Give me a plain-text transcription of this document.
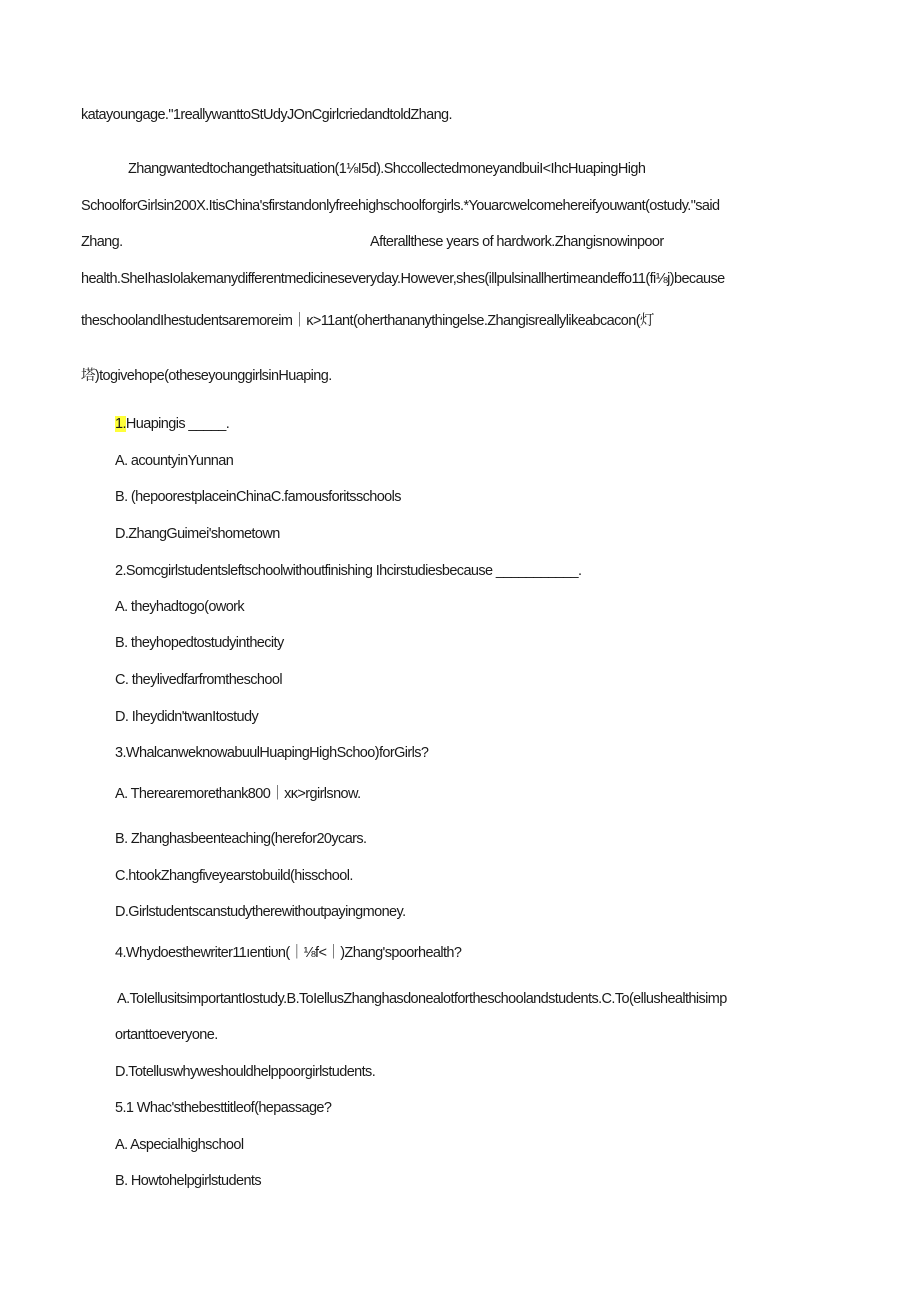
katayoungage."1reallywanttoStUdyJOnCgirlcriedandtoldZhang.
Zhangwantedtochangethatsituation(1⅛I5d).ShccollectedmoneyandbuiI<IhcHuapingHigh
SchoolforGirlsin200X.ItisChina'sfirstandonlyfreehighschoolforgirls.*Youarcwelcomehereifyouwant(ostudy."said
Zhang.	Afterallthese years of hardwork.Zhangisnowinpoor
health.SheIhasIolakemanydifferentmedicineseveryday.However,shes(illpulsinallhertimeandeffo11(fi⅛j)because
theschoolandIhestudentsaremoreim｜κ>11ant(oherthananythingelse.Zhangisreallylikeabcacon(灯
塔)togivehope(otheseyounggirlsinHuaping.
1.Huapingis _____.
A. acountyinYunnan
B. (hepoorestplaceinChinaC.famousforitsschools
D.ZhangGuimei'shometown
2.Somcgirlstudentsleftschoolwithoutfinishing Ihcirstudiesbecause ___________.
A. theyhadtogo(owork
B. theyhopedtostudyinthecity
C. theylivedfarfromtheschool
D. Iheydidn'twanItostudy
3.WhalcanweknowabuulHuapingHighSchoo)forGirls?
A. Therearemorethank800｜xκ>rgirlsnow.
B. Zhanghasbeenteaching(herefor20ycars.
C.htookZhangfiveyearstobuild(hisschool.
D.Girlstudentscanstudytherewithoutpayingmoney.
4.Whydoesthewriter11ıentiυn(｜⅛f<｜)Zhang'spoorhealth?
A.ToIellusitsimportantIostudy.B.ToIellusZhanghasdonealotfortheschoolandstudents.C.To(ellushealthisimp
ortanttoeveryone.
D.Totelluswhyweshouldhelppoorgirlstudents.
5.1 Whac'sthebesttitleof(hepassage?
A. Aspecialhighschool
B. Howtohelpgirlstudents
